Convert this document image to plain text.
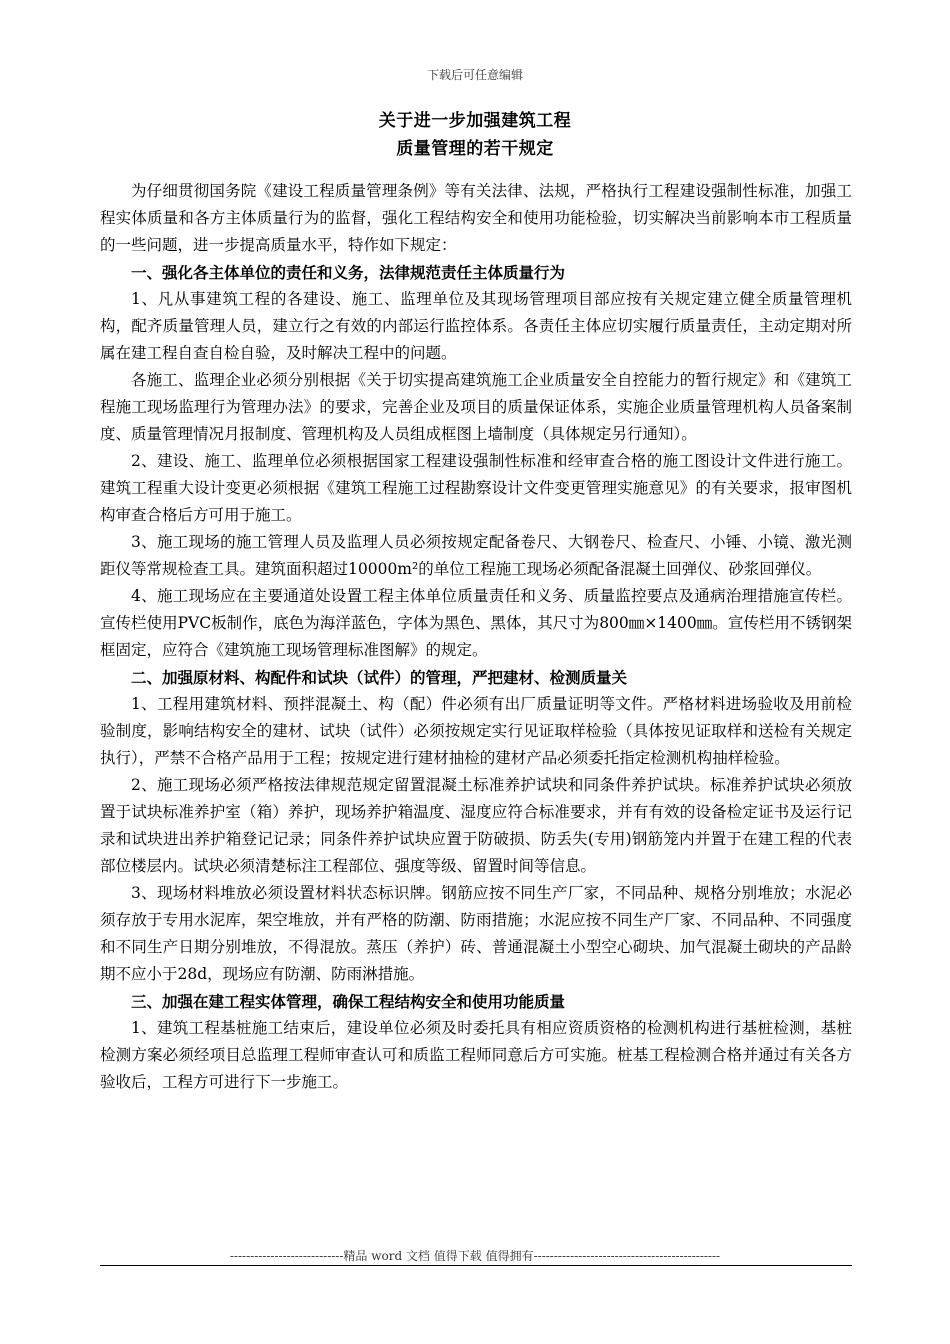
下载后可任意编辑
关于进一步加强建筑工程
质量管理的若干规定

为仔细贯彻国务院《建设工程质量管理条例》等有关法律、法规，严格执行工程建设强制性标准，加强工程实体质量和各方主体质量行为的监督，强化工程结构安全和使用功能检验，切实解决当前影响本市工程质量的一些问题，进一步提高质量水平，特作如下规定：

一、强化各主体单位的责任和义务，法律规范责任主体质量行为

1、凡从事建筑工程的各建设、施工、监理单位及其现场管理项目部应按有关规定建立健全质量管理机构，配齐质量管理人员，建立行之有效的内部运行监控体系。各责任主体应切实履行质量责任，主动定期对所属在建工程自查自检自验，及时解决工程中的问题。

各施工、监理企业必须分别根据《关于切实提高建筑施工企业质量安全自控能力的暂行规定》和《建筑工程施工现场监理行为管理办法》的要求，完善企业及项目的质量保证体系，实施企业质量管理机构人员备案制度、质量管理情况月报制度、管理机构及人员组成框图上墙制度（具体规定另行通知）。

2、建设、施工、监理单位必须根据国家工程建设强制性标准和经审查合格的施工图设计文件进行施工。建筑工程重大设计变更必须根据《建筑工程施工过程勘察设计文件变更管理实施意见》的有关要求，报审图机构审查合格后方可用于施工。

3、施工现场的施工管理人员及监理人员必须按规定配备卷尺、大钢卷尺、检查尺、小锤、小镜、激光测距仪等常规检查工具。建筑面积超过10000m²的单位工程施工现场必须配备混凝土回弹仪、砂浆回弹仪。

4、施工现场应在主要通道处设置工程主体单位质量责任和义务、质量监控要点及通病治理措施宣传栏。宣传栏使用PVC板制作，底色为海洋蓝色，字体为黑色、黑体，其尺寸为800㎜×1400㎜。宣传栏用不锈钢架框固定，应符合《建筑施工现场管理标准图解》的规定。

二、加强原材料、构配件和试块（试件）的管理，严把建材、检测质量关

1、工程用建筑材料、预拌混凝土、构（配）件必须有出厂质量证明等文件。严格材料进场验收及用前检验制度，影响结构安全的建材、试块（试件）必须按规定实行见证取样检验（具体按见证取样和送检有关规定执行），严禁不合格产品用于工程；按规定进行建材抽检的建材产品必须委托指定检测机构抽样检验。

2、施工现场必须严格按法律规范规定留置混凝土标准养护试块和同条件养护试块。标准养护试块必须放置于试块标准养护室（箱）养护，现场养护箱温度、湿度应符合标准要求，并有有效的设备检定证书及运行记录和试块进出养护箱登记记录；同条件养护试块应置于防破损、防丢失(专用)钢筋笼内并置于在建工程的代表部位楼层内。试块必须清楚标注工程部位、强度等级、留置时间等信息。

3、现场材料堆放必须设置材料状态标识牌。钢筋应按不同生产厂家，不同品种、规格分别堆放；水泥必须存放于专用水泥库，架空堆放，并有严格的防潮、防雨措施；水泥应按不同生产厂家、不同品种、不同强度和不同生产日期分别堆放，不得混放。蒸压（养护）砖、普通混凝土小型空心砌块、加气混凝土砌块的产品龄期不应小于28d，现场应有防潮、防雨淋措施。

三、加强在建工程实体管理，确保工程结构安全和使用功能质量

1、建筑工程基桩施工结束后，建设单位必须及时委托具有相应资质资格的检测机构进行基桩检测，基桩检测方案必须经项目总监理工程师审查认可和质监工程师同意后方可实施。桩基工程检测合格并通过有关各方验收后，工程方可进行下一步施工。

----------------------------精品 word 文档 值得下载 值得拥有----------------------------------------------
